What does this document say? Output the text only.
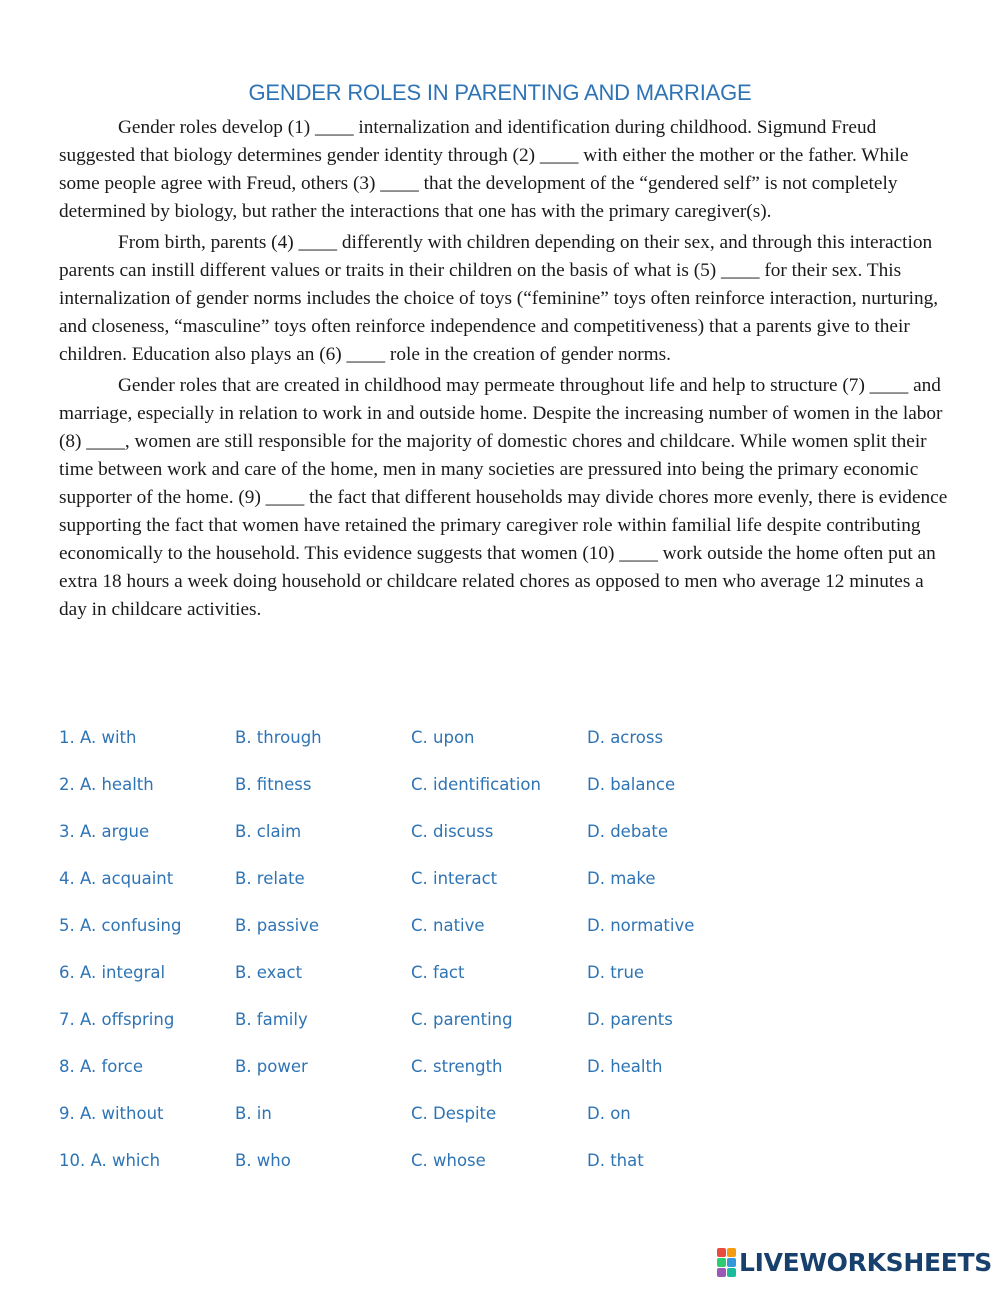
GENDER ROLES IN PARENTING AND MARRIAGE

Gender roles develop (1) ____ internalization and identification during childhood. Sigmund Freud suggested that biology determines gender identity through (2) ____ with either the mother or the father. While some people agree with Freud, others (3) ____ that the development of the “gendered self” is not completely determined by biology, but rather the interactions that one has with the primary caregiver(s).

From birth, parents (4) ____ differently with children depending on their sex, and through this interaction parents can instill different values or traits in their children on the basis of what is (5) ____ for their sex. This internalization of gender norms includes the choice of toys (“feminine” toys often reinforce interaction, nurturing, and closeness, “masculine” toys often reinforce independence and competitiveness) that a parents give to their children. Education also plays an (6) ____ role in the creation of gender norms.

Gender roles that are created in childhood may permeate throughout life and help to structure (7) ____ and marriage, especially in relation to work in and outside home. Despite the increasing number of women in the labor (8) ____, women are still responsible for the majority of domestic chores and childcare. While women split their time between work and care of the home, men in many societies are pressured into being the primary economic supporter of the home. (9) ____ the fact that different households may divide chores more evenly, there is evidence supporting the fact that women have retained the primary caregiver role within familial life despite contributing economically to the household. This evidence suggests that women (10) ____ work outside the home often put an extra 18 hours a week doing household or childcare related chores as opposed to men who average 12 minutes a day in childcare activities.

1. A. with	B. through	C. upon	D. across
2. A. health	B. fitness	C. identification	D. balance
3. A. argue	B. claim	C. discuss	D. debate
4. A. acquaint	B. relate	C. interact	D. make
5. A. confusing	B. passive	C. native	D. normative
6. A. integral	B. exact	C. fact	D. true
7. A. offspring	B. family	C. parenting	D. parents
8. A. force	B. power	C. strength	D. health
9. A. without	B. in	C. Despite	D. on
10. A. which	B. who	C. whose	D. that
LIVEWORKSHEETS
